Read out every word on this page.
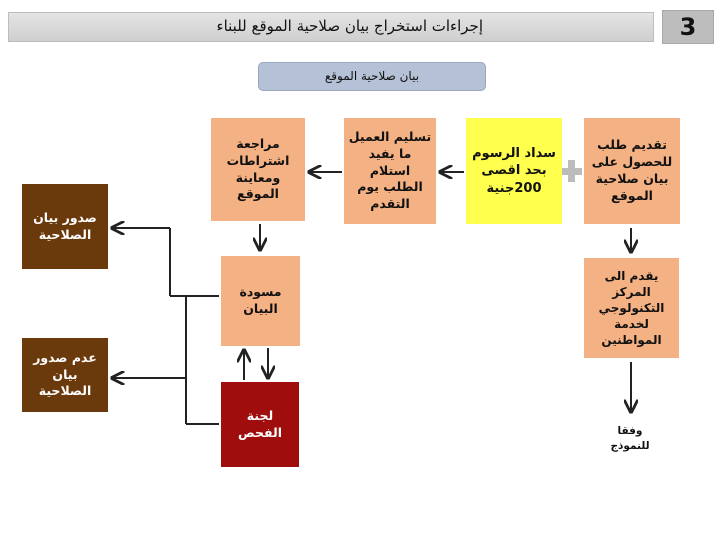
إجراءات استخراج بيان صلاحية الموقع للبناء	3
بيان صلاحية الموقع
تقديم طلب للحصول على بيان صلاحية الموقع
سداد الرسوم بحد اقصى 200جنية
تسليم العميل ما يفيد استلام الطلب يوم التقدم
مراجعة اشتراطات ومعاينة الموقع
مسودة البيان
لجنة الفحص
صدور بيان الصلاحية
عدم صدور بيان الصلاحية
يقدم الى المركز التكنولوجي لخدمة المواطنين
وفقا للنموذج
